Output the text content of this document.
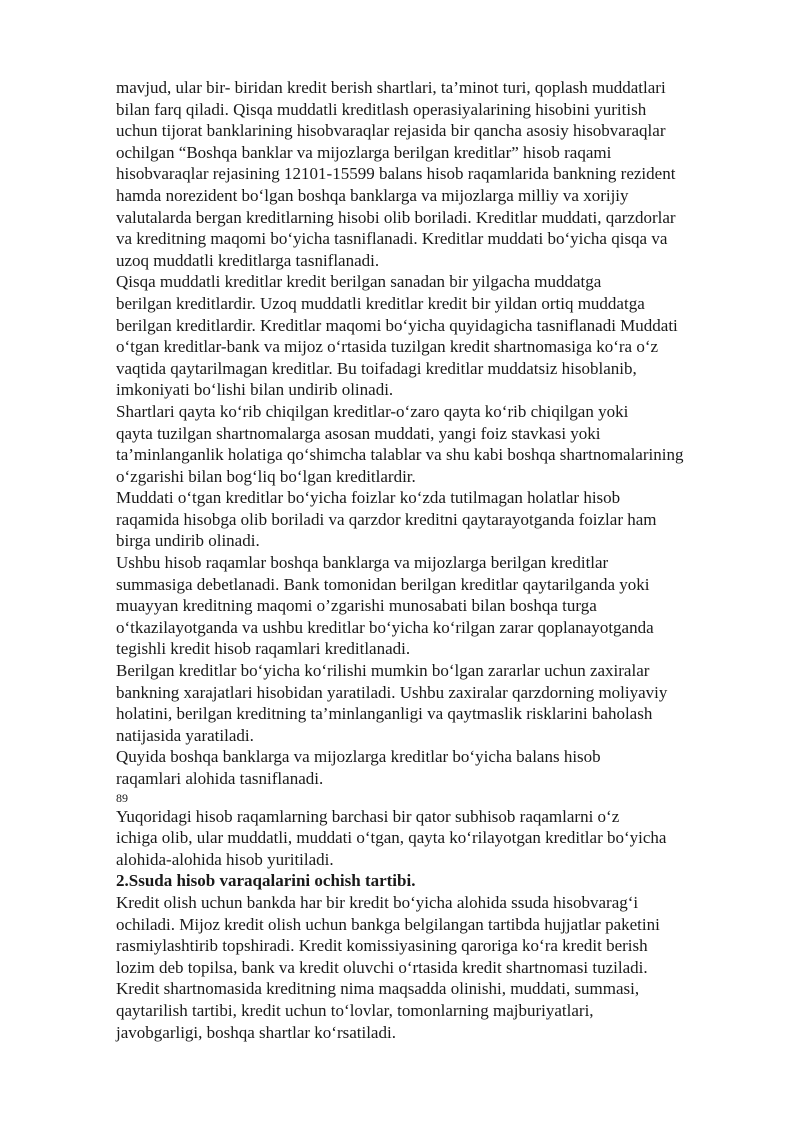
mavjud, ular bir- biridan kredit berish shartlari, ta’minot turi, qoplash muddatlari
bilan farq qiladi. Qisqa muddatli kreditlash operasiyalarining hisobini yuritish
uchun tijorat banklarining hisobvaraqlar rejasida bir qancha asosiy hisobvaraqlar
ochilgan “Boshqa banklar va mijozlarga berilgan kreditlar” hisob raqami
hisobvaraqlar rejasining 12101-15599 balans hisob raqamlarida bankning rezident
hamda norezident bo‘lgan boshqa banklarga va mijozlarga milliy va xorijiy
valutalarda bergan kreditlarning hisobi olib boriladi. Kreditlar muddati, qarzdorlar
va kreditning maqomi bo‘yicha tasniflanadi. Kreditlar muddati bo‘yicha qisqa va
uzoq muddatli kreditlarga tasniflanadi.
Qisqa muddatli kreditlar kredit berilgan sanadan bir yilgacha muddatga
berilgan kreditlardir. Uzoq muddatli kreditlar kredit bir yildan ortiq muddatga
berilgan kreditlardir. Kreditlar maqomi bo‘yicha quyidagicha tasniflanadi Muddati
o‘tgan kreditlar-bank va mijoz o‘rtasida tuzilgan kredit shartnomasiga ko‘ra o‘z
vaqtida qaytarilmagan kreditlar. Bu toifadagi kreditlar muddatsiz hisoblanib,
imkoniyati bo‘lishi bilan undirib olinadi.
Shartlari qayta ko‘rib chiqilgan kreditlar-o‘zaro qayta ko‘rib chiqilgan yoki
qayta tuzilgan shartnomalarga asosan muddati, yangi foiz stavkasi yoki
ta’minlanganlik holatiga qo‘shimcha talablar va shu kabi boshqa shartnomalarining
o‘zgarishi bilan bog‘liq bo‘lgan kreditlardir.
Muddati o‘tgan kreditlar bo‘yicha foizlar ko‘zda tutilmagan holatlar hisob
raqamida hisobga olib boriladi va qarzdor kreditni qaytarayotganda foizlar ham
birga undirib olinadi.
Ushbu hisob raqamlar boshqa banklarga va mijozlarga berilgan kreditlar
summasiga debetlanadi. Bank tomonidan berilgan kreditlar qaytarilganda yoki
muayyan kreditning maqomi o’zgarishi munosabati bilan boshqa turga
o‘tkazilayotganda va ushbu kreditlar bo‘yicha ko‘rilgan zarar qoplanayotganda
tegishli kredit hisob raqamlari kreditlanadi.
Berilgan kreditlar bo‘yicha ko‘rilishi mumkin bo‘lgan zararlar uchun zaxiralar
bankning xarajatlari hisobidan yaratiladi. Ushbu zaxiralar qarzdorning moliyaviy
holatini, berilgan kreditning ta’minlanganligi va qaytmaslik risklarini baholash
natijasida yaratiladi.
Quyida boshqa banklarga va mijozlarga kreditlar bo‘yicha balans hisob
raqamlari alohida tasniflanadi.
89
Yuqoridagi hisob raqamlarning barchasi bir qator subhisob raqamlarni o‘z
ichiga olib, ular muddatli, muddati o‘tgan, qayta ko‘rilayotgan kreditlar bo‘yicha
alohida-alohida hisob yuritiladi.
2.Ssuda hisob varaqalarini ochish tartibi.
Kredit olish uchun bankda har bir kredit bo‘yicha alohida ssuda hisobvarag‘i
ochiladi. Mijoz kredit olish uchun bankga belgilangan tartibda hujjatlar paketini
rasmiylashtirib topshiradi. Kredit komissiyasining qaroriga ko‘ra kredit berish
lozim deb topilsa, bank va kredit oluvchi o‘rtasida kredit shartnomasi tuziladi.
Kredit shartnomasida kreditning nima maqsadda olinishi, muddati, summasi,
qaytarilish tartibi, kredit uchun to‘lovlar, tomonlarning majburiyatlari,
javobgarligi, boshqa shartlar ko‘rsatiladi.
